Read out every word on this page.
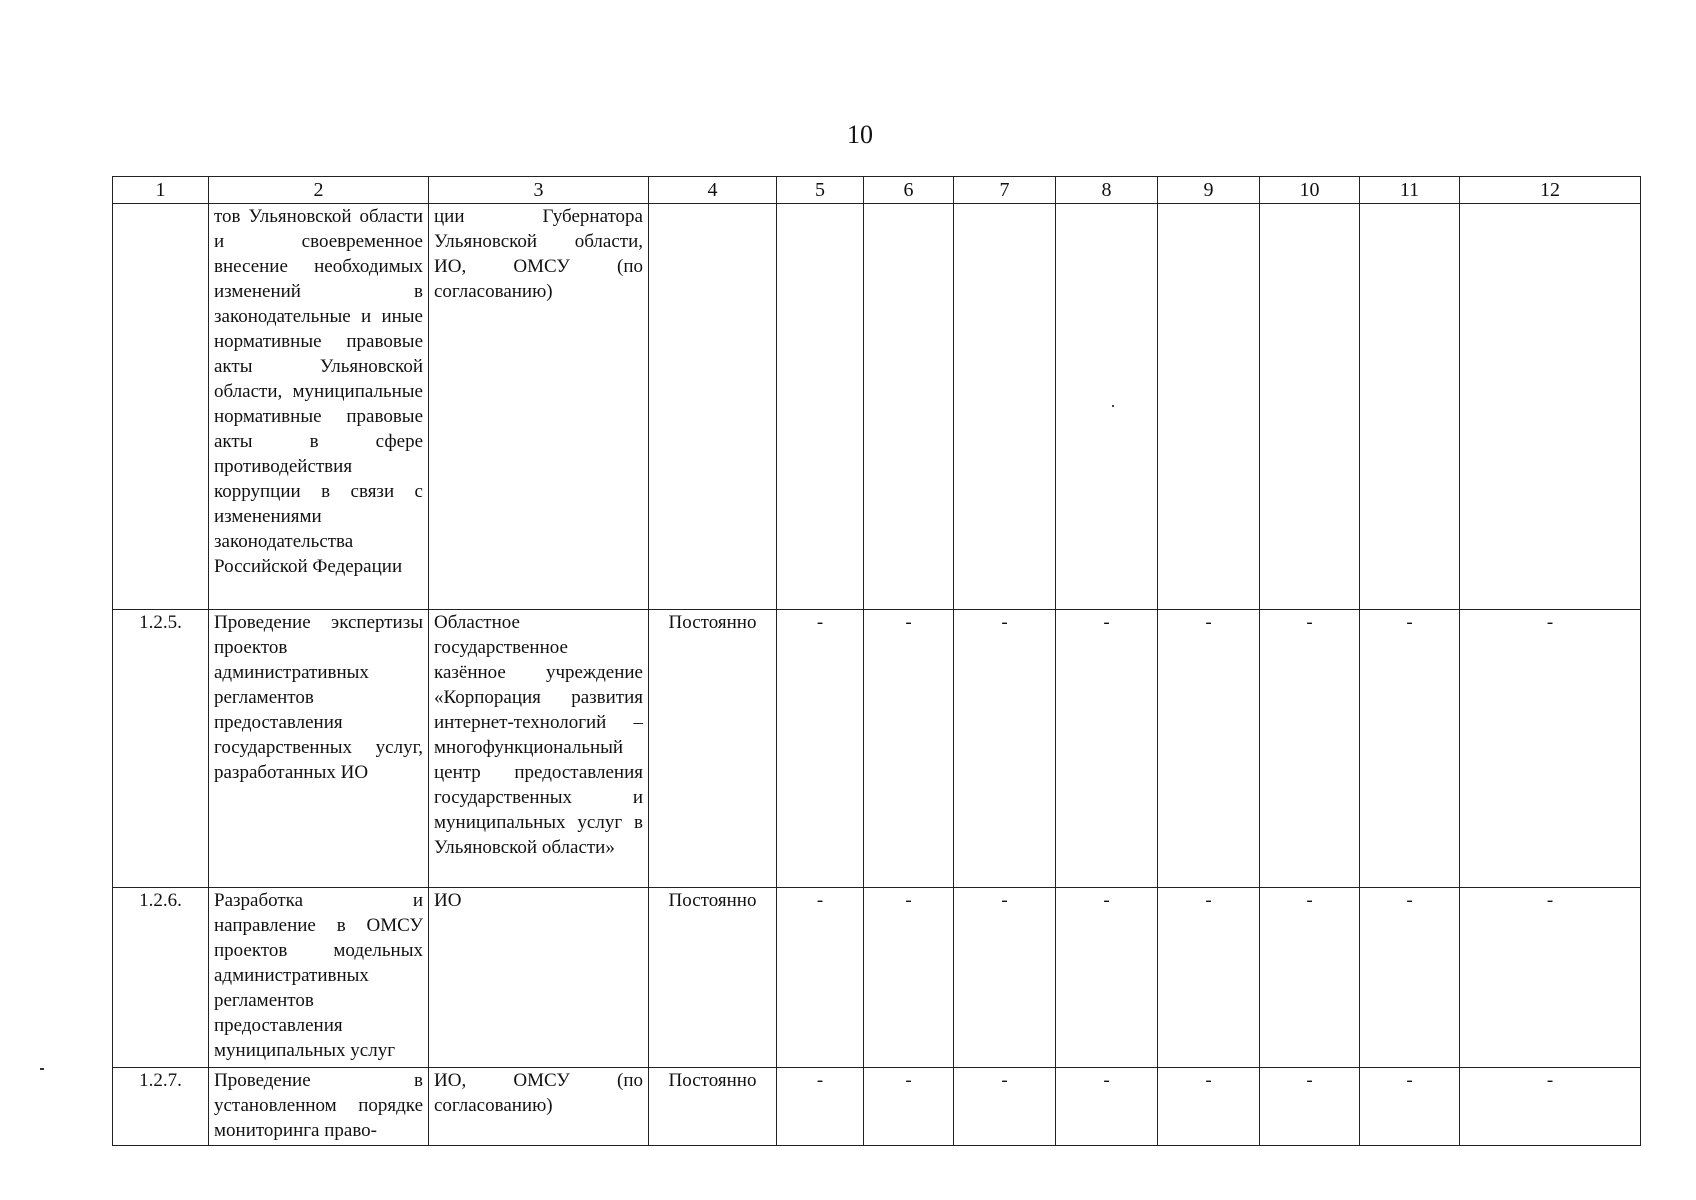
10
1	2	3	4	5	6	7	8	9	10	11	12
	тов Ульяновской области и своевременное внесение необходимых изменений в законодательные и иные нормативные правовые акты Ульяновской области, муниципальные нормативные правовые акты в сфере противодействия коррупции в связи с изменениями законодательства Российской Федерации	ции Губернатора Ульяновской области, ИО, ОМСУ (по согласованию)									
1.2.5.	Проведение экспертизы проектов административных регламентов предоставления государственных услуг, разработанных ИО	Областное государственное казённое учреждение «Корпорация развития интернет-технологий – многофункциональный центр предоставления государственных и муниципальных услуг в Ульяновской области»	Постоянно	-	-	-	-	-	-	-	-
1.2.6.	Разработка и направление в ОМСУ проектов модельных административных регламентов предоставления муниципальных услуг	ИО	Постоянно	-	-	-	-	-	-	-	-
1.2.7.	Проведение в установленном порядке мониторинга право-	ИО, ОМСУ (по согласованию)	Постоянно	-	-	-	-	-	-	-	-
